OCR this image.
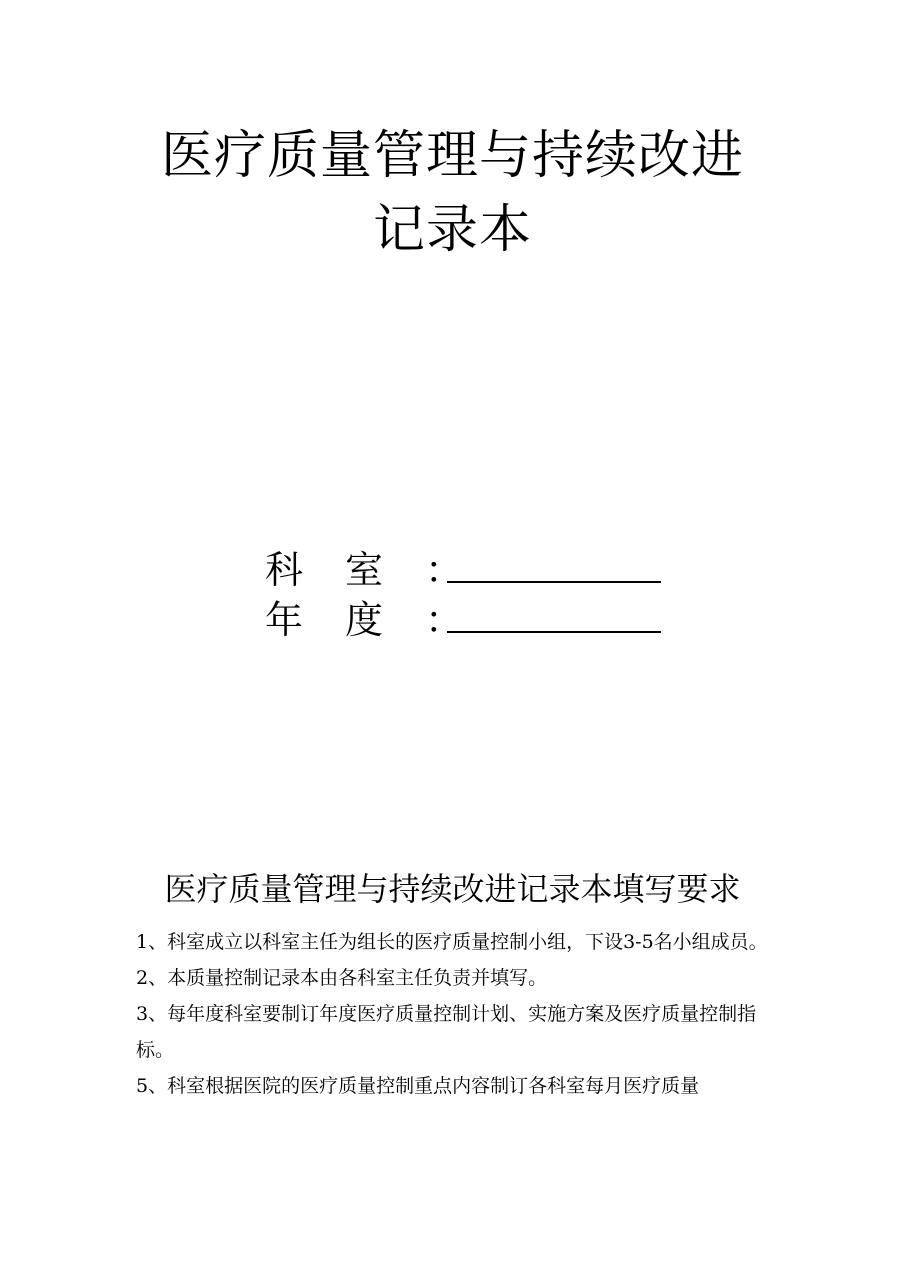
医疗质量管理与持续改进
记录本
科 室 ：
年 度 ：
医疗质量管理与持续改进记录本填写要求

1、科室成立以科室主任为组长的医疗质量控制小组，下设3-5名小组成员。

2、本质量控制记录本由各科室主任负责并填写。

3、每年度科室要制订年度医疗质量控制计划、实施方案及医疗质量控制指标。

5、科室根据医院的医疗质量控制重点内容制订各科室每月医疗质量
